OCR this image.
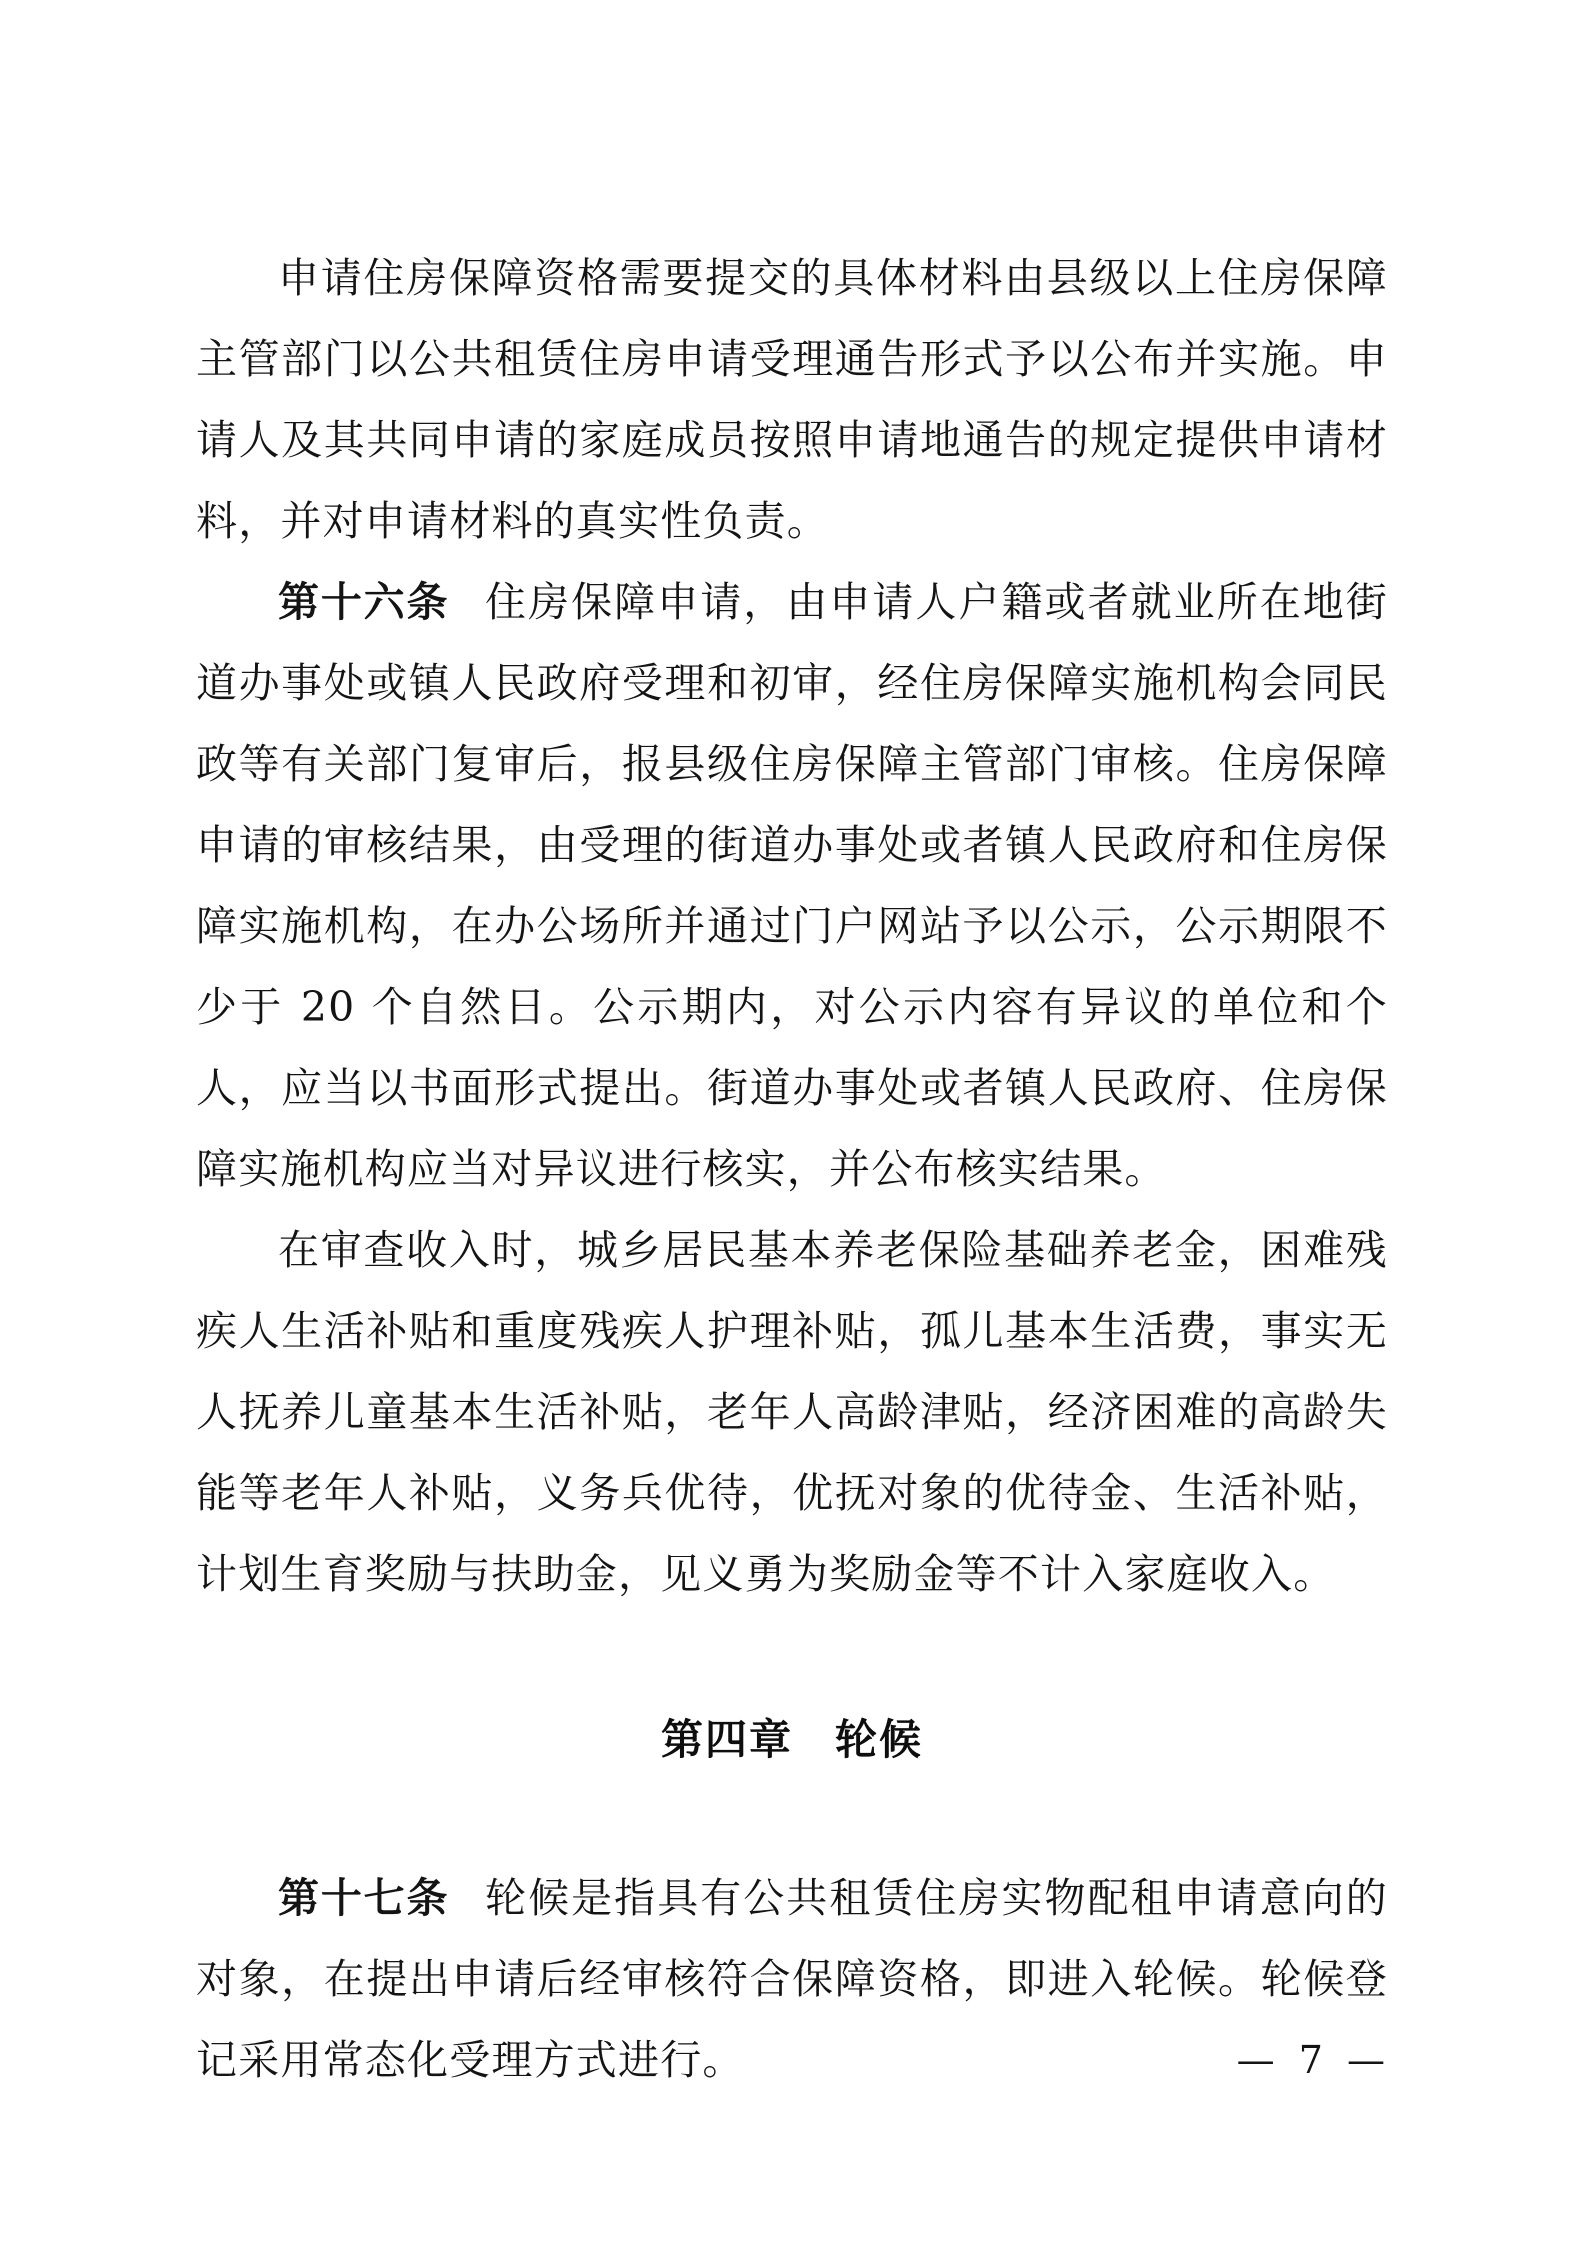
申请住房保障资格需要提交的具体材料由县级以上住房保障主管部门以公共租赁住房申请受理通告形式予以公布并实施。申请人及其共同申请的家庭成员按照申请地通告的规定提供申请材料，并对申请材料的真实性负责。

第十六条 住房保障申请，由申请人户籍或者就业所在地街道办事处或镇人民政府受理和初审，经住房保障实施机构会同民政等有关部门复审后，报县级住房保障主管部门审核。住房保障申请的审核结果，由受理的街道办事处或者镇人民政府和住房保障实施机构，在办公场所并通过门户网站予以公示，公示期限不少于 20 个自然日。公示期内，对公示内容有异议的单位和个人，应当以书面形式提出。街道办事处或者镇人民政府、住房保障实施机构应当对异议进行核实，并公布核实结果。

在审查收入时，城乡居民基本养老保险基础养老金，困难残疾人生活补贴和重度残疾人护理补贴，孤儿基本生活费，事实无人抚养儿童基本生活补贴，老年人高龄津贴，经济困难的高龄失能等老年人补贴，义务兵优待，优抚对象的优待金、生活补贴，计划生育奖励与扶助金，见义勇为奖励金等不计入家庭收入。

第四章 轮候

第十七条 轮候是指具有公共租赁住房实物配租申请意向的对象，在提出申请后经审核符合保障资格，即进入轮候。轮候登记采用常态化受理方式进行。	— 7 —
